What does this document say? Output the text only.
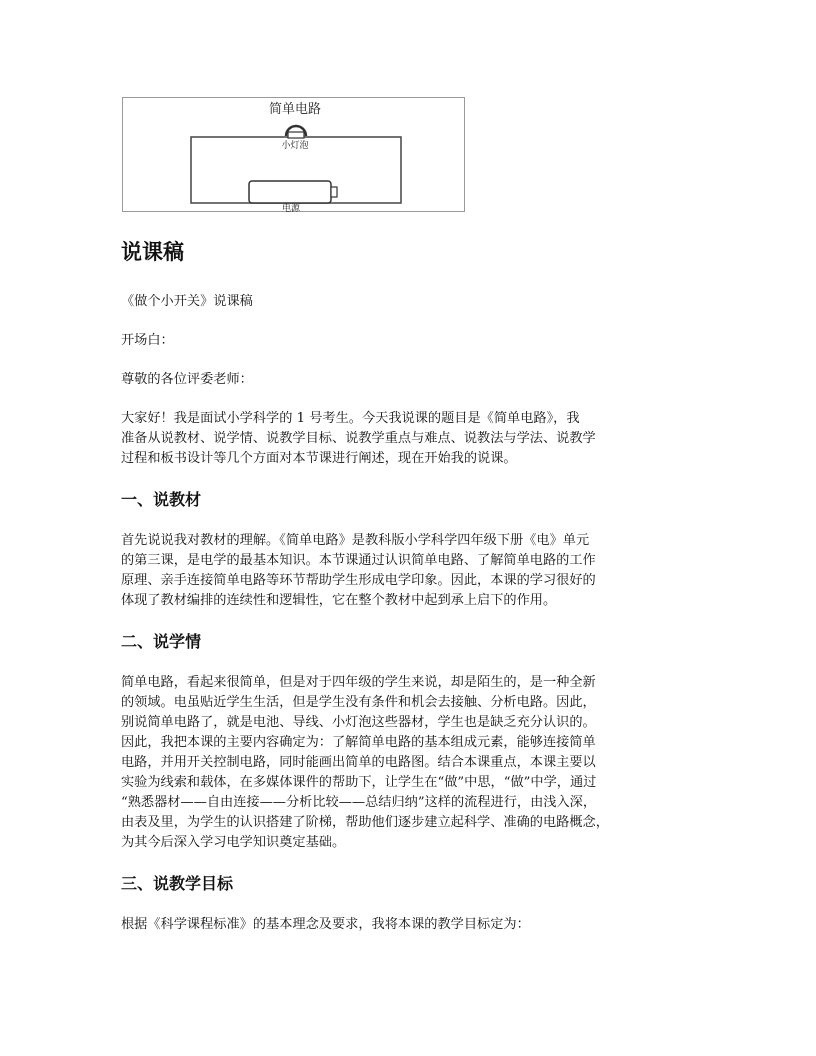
简单电路
小灯泡
电源
说课稿

《做个小开关》说课稿

开场白：

尊敬的各位评委老师：

大家好！我是面试小学科学的 1 号考生。今天我说课的题目是《简单电路》，我
准备从说教材、说学情、说教学目标、说教学重点与难点、说教法与学法、说教学
过程和板书设计等几个方面对本节课进行阐述，现在开始我的说课。

一、说教材

首先说说我对教材的理解。《简单电路》是教科版小学科学四年级下册《电》单元
的第三课，是电学的最基本知识。本节课通过认识简单电路、了解简单电路的工作
原理、亲手连接简单电路等环节帮助学生形成电学印象。因此，本课的学习很好的
体现了教材编排的连续性和逻辑性，它在整个教材中起到承上启下的作用。

二、说学情

简单电路，看起来很简单，但是对于四年级的学生来说，却是陌生的，是一种全新
的领域。电虽贴近学生生活，但是学生没有条件和机会去接触、分析电路。因此，
别说简单电路了，就是电池、导线、小灯泡这些器材，学生也是缺乏充分认识的。
因此，我把本课的主要内容确定为：了解简单电路的基本组成元素，能够连接简单
电路，并用开关控制电路，同时能画出简单的电路图。结合本课重点，本课主要以
实验为线索和载体，在多媒体课件的帮助下，让学生在“做”中思，“做”中学，通过
“熟悉器材——自由连接——分析比较——总结归纳”这样的流程进行，由浅入深，
由表及里，为学生的认识搭建了阶梯，帮助他们逐步建立起科学、准确的电路概念，
为其今后深入学习电学知识奠定基础。

三、说教学目标

根据《科学课程标准》的基本理念及要求，我将本课的教学目标定为：
